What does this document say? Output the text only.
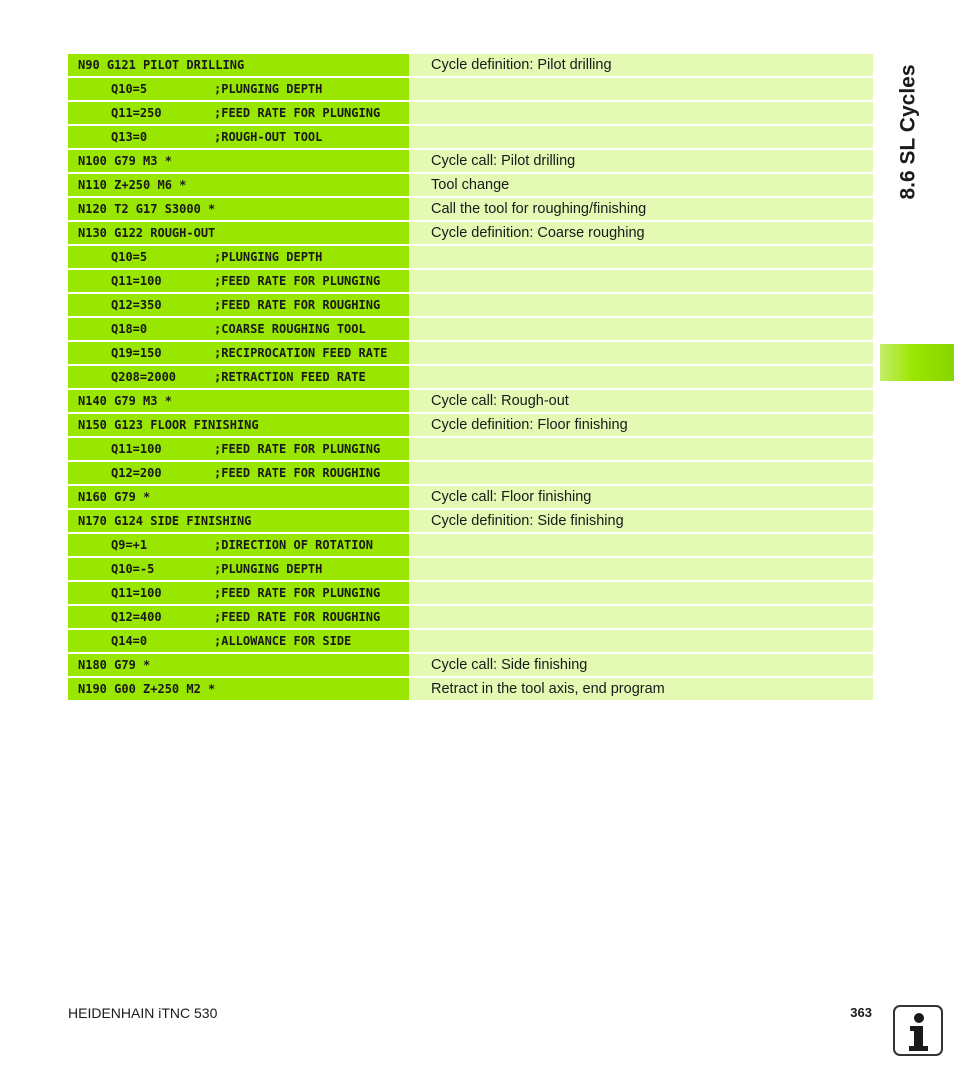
8.6 SL Cycles
N90 G121 PILOT DRILLING	Cycle definition: Pilot drilling
Q10=5	;PLUNGING DEPTH
Q11=250	;FEED RATE FOR PLUNGING
Q13=0	;ROUGH-OUT TOOL
N100 G79 M3 *	Cycle call: Pilot drilling
N110 Z+250 M6 *	Tool change
N120 T2 G17 S3000 *	Call the tool for roughing/finishing
N130 G122 ROUGH-OUT	Cycle definition: Coarse roughing
Q10=5	;PLUNGING DEPTH
Q11=100	;FEED RATE FOR PLUNGING
Q12=350	;FEED RATE FOR ROUGHING
Q18=0	;COARSE ROUGHING TOOL
Q19=150	;RECIPROCATION FEED RATE
Q208=2000	;RETRACTION FEED RATE
N140 G79 M3 *	Cycle call: Rough-out
N150 G123 FLOOR FINISHING	Cycle definition: Floor finishing
Q11=100	;FEED RATE FOR PLUNGING
Q12=200	;FEED RATE FOR ROUGHING
N160 G79 *	Cycle call: Floor finishing
N170 G124 SIDE FINISHING	Cycle definition: Side finishing
Q9=+1	;DIRECTION OF ROTATION
Q10=-5	;PLUNGING DEPTH
Q11=100	;FEED RATE FOR PLUNGING
Q12=400	;FEED RATE FOR ROUGHING
Q14=0	;ALLOWANCE FOR SIDE
N180 G79 *	Cycle call: Side finishing
N190 G00 Z+250 M2 *	Retract in the tool axis, end program
HEIDENHAIN iTNC 530	363
